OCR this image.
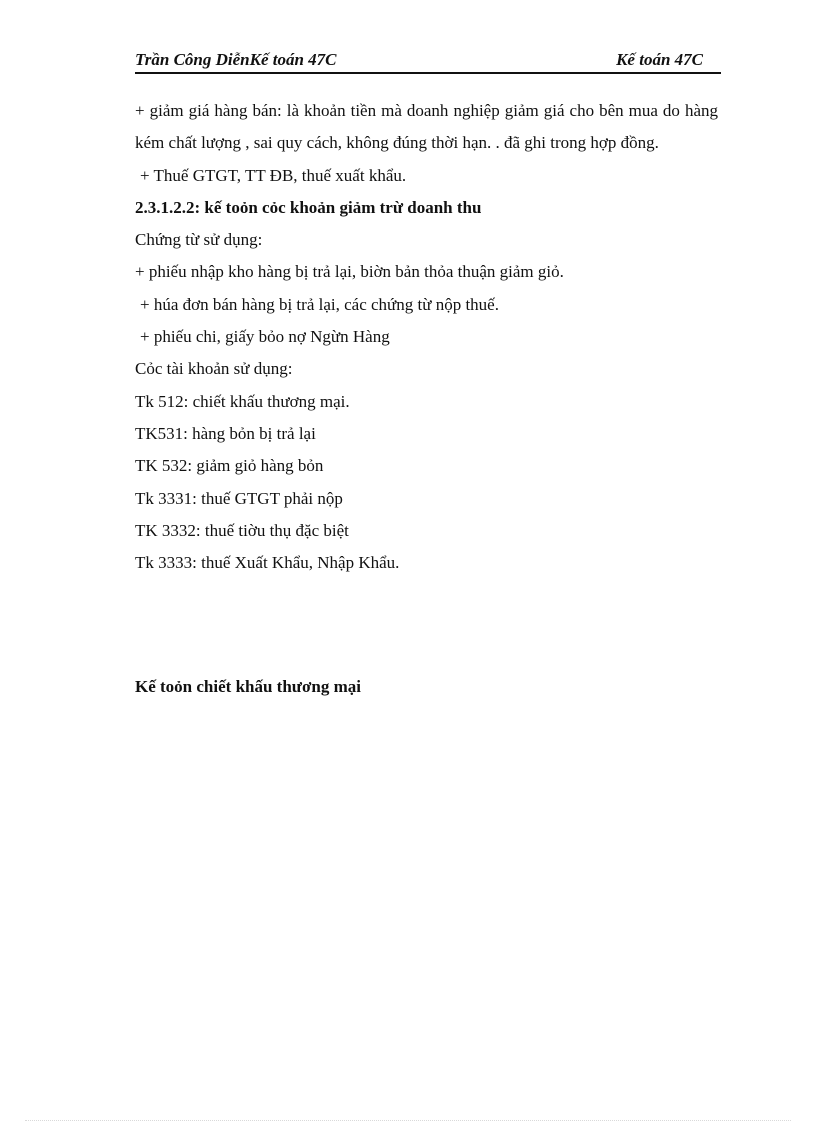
Trần Công DiễnKế toán 47C	Kế toán 47C

+ giảm giá hàng bán: là khoản tiền mà doanh nghiệp giảm giá cho bên mua do hàng kém chất lượng , sai quy cách, không đúng thời hạn. . đã ghi trong hợp đồng.

+ Thuế GTGT, TT ĐB, thuế xuất khẩu.

2.3.1.2.2: kế toỏn cỏc khoản giảm trừ doanh thu

Chứng từ sử dụng:

+ phiếu nhập kho hàng bị trả lại, biờn bản thỏa thuận giảm giỏ.

+ húa đơn bán hàng bị trả lại, các chứng từ nộp thuế.

+ phiếu chi, giấy bỏo nợ Ngừn Hàng

Cỏc tài khoản sử dụng:

Tk 512: chiết khấu thương mại.

TK531: hàng bỏn bị trả lại

TK 532: giảm giỏ hàng bỏn

Tk 3331: thuế GTGT phải nộp

TK 3332: thuế tiờu thụ đặc biệt

Tk 3333: thuế Xuất Khẩu, Nhập Khẩu.

Kế toỏn chiết khấu thương mại
